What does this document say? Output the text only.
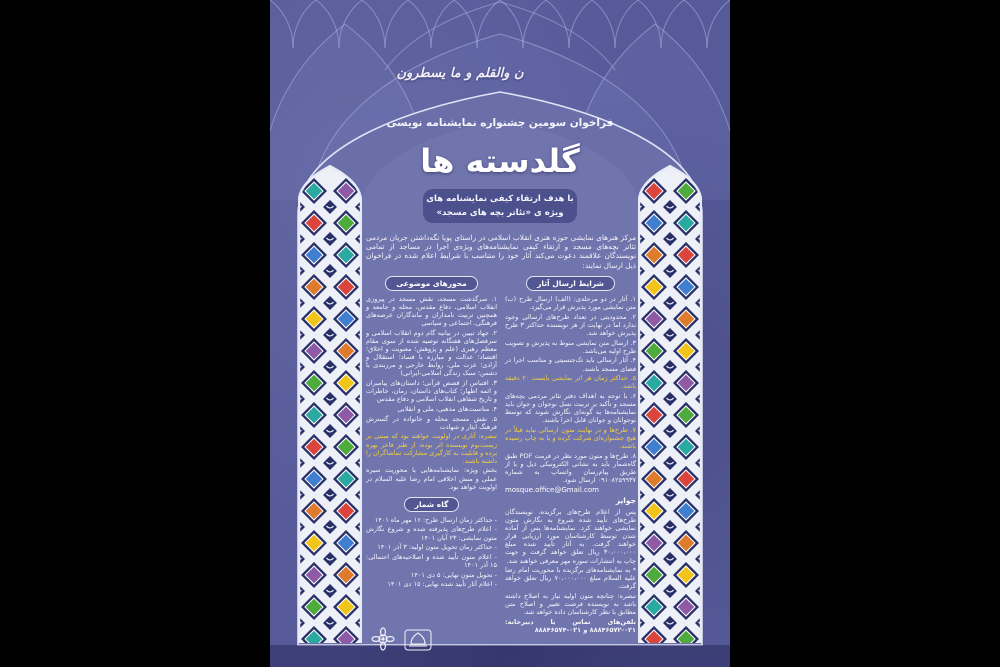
ن والقلم و ما یسطرون
فراخوان سومین جشنواره نمایشنامه نویسی
گلدسته ها
با هدف ارتقاء کیفی نمایشنامه های
ویژه ی «تئاتر بچه های مسجد»
مرکز هنرهای نمایشی حوزه هنری انقلاب اسلامی در راستای پویا نگه‌داشتن جریان مردمی تئاتر بچه‌های مسجد و ارتقاء کیفی نمایشنامه‌های ویژه‌ی اجرا در مساجد از تمامی نویسندگان علاقمند دعوت می‌کند آثار خود را متناسب با شرایط اعلام شده در فراخوان ذیل ارسال نمایند:
محورهای موضوعی

۱. سرگذشت مسجد، نقش مسجد در پیروزی انقلاب اسلامی، دفاع مقدس، محله و جامعه و همچنین تربیت نامداران و ماندگاران عرصه‌های فرهنگی، اجتماعی و سیاسی

۲. جهاد تبیین در بیانیه گام دوم انقلاب اسلامی و سرفصل‌های هفتگانه توصیه شده از سوی مقام معظم رهبری (علم و پژوهش؛ معنویت و اخلاق؛ اقتصاد؛ عدالت و مبارزه با فساد؛ استقلال و آزادی؛ عزت ملی، روابط خارجی و مرزبندی با دشمن؛ سبک زندگی اسلامی-ایرانی)

۳. اقتباس از قصص قرآنی؛ داستان‌های پیامبران و ائمه اطهار؛ کتاب‌های داستان، رمان، خاطرات و تاریخ شفاهی انقلاب اسلامی و دفاع مقدس

۴. مناسبت‌های مذهبی، ملی و انقلابی

۵. نقش مسجد محله و خانواده در گسترش فرهنگ ایثار و شهادت

تبصره: آثاری در اولویت خواهند بود که مبتنی بر زیست‌بوم نویسنده اثر بوده، از طنز فاخر بهره برده و قابلیت به کارگیری مشارکت تماشاگران را داشته باشند.

بخش ویژه: نمایشنامه‌هایی با محوریت سیره عملی و منش اخلاقی امام رضا علیه السلام در اولویت خواهد بود.

گاه شمار

- حداکثر زمان ارسال طرح: ۱۶ مهر ماه ۱۴۰۱

- اعلام طرح‌های پذیرفته شده و شروع نگارش متون نمایشی: ۲۳ آبان ۱۴۰۱

- حداکثر زمان تحویل متون اولیه: ۳ آذر ۱۴۰۱

- اعلام متون تأیید شده و اصلاحیه‌های احتمالی: ۱۵ آذر ۱۴۰۱

- تحویل متون نهایی: ۵ دی ۱۴۰۱

- اعلام آثار تأیید شده نهایی: ۱۵ دی ۱۴۰۱

شرایط ارسال آثار

۱. آثار در دو مرحله‌ی: (الف) ارسال طرح (ب) متن نمایشی مورد پذیرش قرار می‌گیرد.

۲. محدودیتی در تعداد طرح‌های ارسالی وجود ندارد اما در نهایت از هر نویسنده حداکثر ۳ طرح پذیرش خواهد شد.

۳. ارسال متن نمایشی منوط به پذیرش و تصویب طرح اولیه می‌باشد.

۴. آثار ارسالی باید تک‌جنسیتی و مناسب اجرا در فضای مسجد باشند.

۵. حداکثر زمان هر اثر نمایشی بایست ۲۰ دقیقه باشد.

۶. با توجه به اهداف دفتر تئاتر مردمی بچه‌های مسجد و تأکید بر تربیت نسل نوجوان و جوان باید نمایشنامه‌ها به گونه‌ای نگارش شوند که توسط نوجوانان و جوانان قابل اجرا باشند.

۷. طرح‌ها و در نهایت متون ارسالی نباید قبلاً در هیچ جشنواره‌ای شرکت کرده و یا به چاپ رسیده باشند.

۸. طرح‌ها و متون مورد نظر در فرمت PDF طبق گاه‌شمار باید به نشانی الکترونیکی ذیل و یا از طریق پیام‌رسان واتساپ به شماره ۰۹۱۰۸۲۵۹۹۳۷ ارسال شود.

mosque.office@Gmail.com

جوایز

پس از اعلام طرح‌های برگزیده، نویسندگان طرح‌های تأیید شده شروع به نگارش متون نمایشی خواهند کرد. نمایشنامه‌ها پس از آماده شدن توسط کارشناسان مورد ارزیابی قرار خواهند گرفت. به آثار تأیید شده مبلغ ۳۰،۰۰۰،۰۰۰ ریال تعلق خواهد گرفت و جهت چاپ به انتشارات سوره مهر معرفی خواهند شد.

* به نمایشنامه‌های برگزیده با محوریت امام رضا علیه السلام مبلغ ۷۰،۰۰۰،۰۰۰ ریال تعلق خواهد گرفت.

تبصره: چنانچه متون اولیه نیاز به اصلاح داشته باشد به نویسنده فرصت تغییر و اصلاح متن مطابق با نظر کارشناسان داده خواهد شد.

تلفن‌های تماس با دبیرخانه: ۰۲۱-۸۸۸۴۶۵۷۲ و ۰۲۱-۸۸۸۴۶۵۷۴
